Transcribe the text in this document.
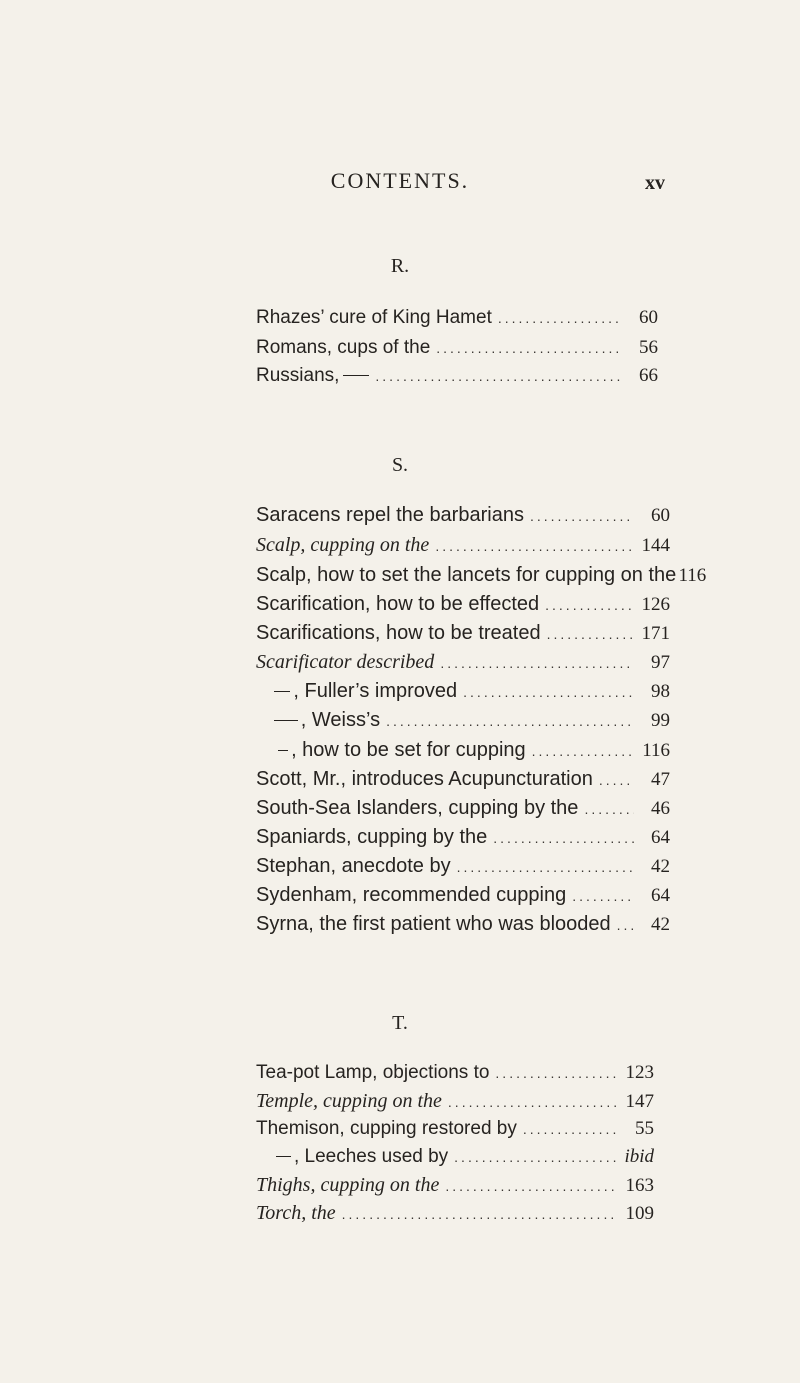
CONTENTS.	xv
R.
Rhazes’ cure of King Hamet .....	60
Romans, cups of the .....	56
Russians, .....	66
S.
Saracens repel the barbarians .....	60
Scalp, cupping on the .....	144
Scalp, how to set the lancets for cupping on the 116
Scarification, how to be effected .....	126
Scarifications, how to be treated .....	171
Scarificator described .....	97
, Fuller’s improved .....	98
, Weiss’s .....	99
, how to be set for cupping .....	116
Scott, Mr., introduces Acupuncturation .....	47
South-Sea Islanders, cupping by the .....	46
Spaniards, cupping by the .....	64
Stephan, anecdote by .....	42
Sydenham, recommended cupping .....	64
Syrna, the first patient who was blooded .....	42
T.
Tea-pot Lamp, objections to .....	123
Temple, cupping on the .....	147
Themison, cupping restored by .....	55
, Leeches used by .....	ibid
Thighs, cupping on the .....	163
Torch, the .....	109
